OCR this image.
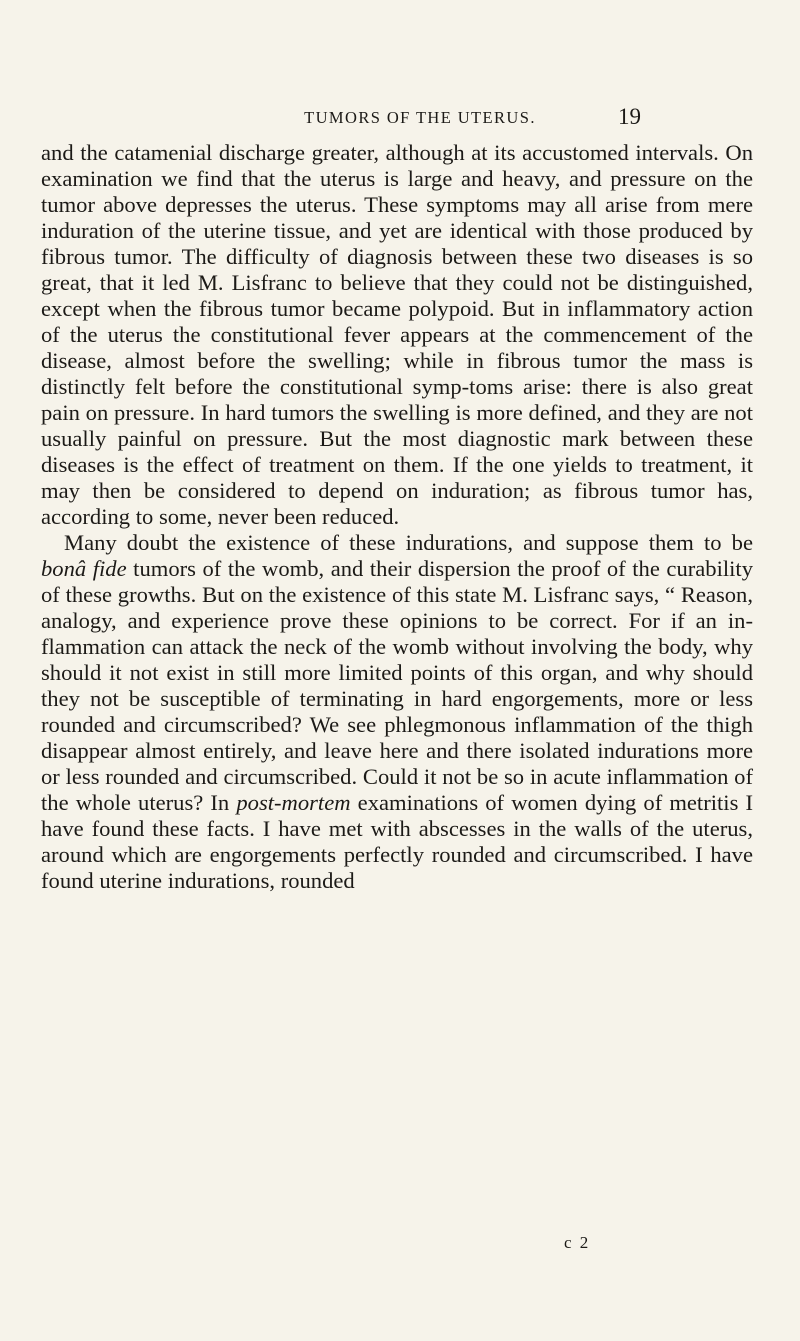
TUMORS OF THE UTERUS.	19

and the catamenial discharge greater, although at its accustomed intervals. On examination we find that the uterus is large and heavy, and pressure on the tumor above depresses the uterus. These symptoms may all arise from mere induration of the uterine tissue, and yet are identical with those produced by fibrous tumor. The difficulty of diagnosis between these two diseases is so great, that it led M. Lisfranc to believe that they could not be distinguished, except when the fibrous tumor became polypoid. But in inflammatory action of the uterus the constitutional fever appears at the commencement of the disease, almost before the swelling; while in fibrous tumor the mass is distinctly felt before the constitutional symp-toms arise: there is also great pain on pressure. In hard tumors the swelling is more defined, and they are not usually painful on pressure. But the most diagnostic mark between these diseases is the effect of treatment on them. If the one yields to treatment, it may then be considered to depend on induration; as fibrous tumor has, according to some, never been reduced.

Many doubt the existence of these indurations, and suppose them to be bonâ fide tumors of the womb, and their dispersion the proof of the curability of these growths. But on the existence of this state M. Lisfranc says, “ Reason, analogy, and experience prove these opinions to be correct. For if an in-flammation can attack the neck of the womb without involving the body, why should it not exist in still more limited points of this organ, and why should they not be susceptible of terminating in hard engorgements, more or less rounded and circumscribed? We see phlegmonous inflammation of the thigh disappear almost entirely, and leave here and there isolated indurations more or less rounded and circumscribed. Could it not be so in acute inflammation of the whole uterus? In post-mortem examinations of women dying of metritis I have found these facts. I have met with abscesses in the walls of the uterus, around which are engorgements perfectly rounded and circumscribed. I have found uterine indurations, rounded

c 2
